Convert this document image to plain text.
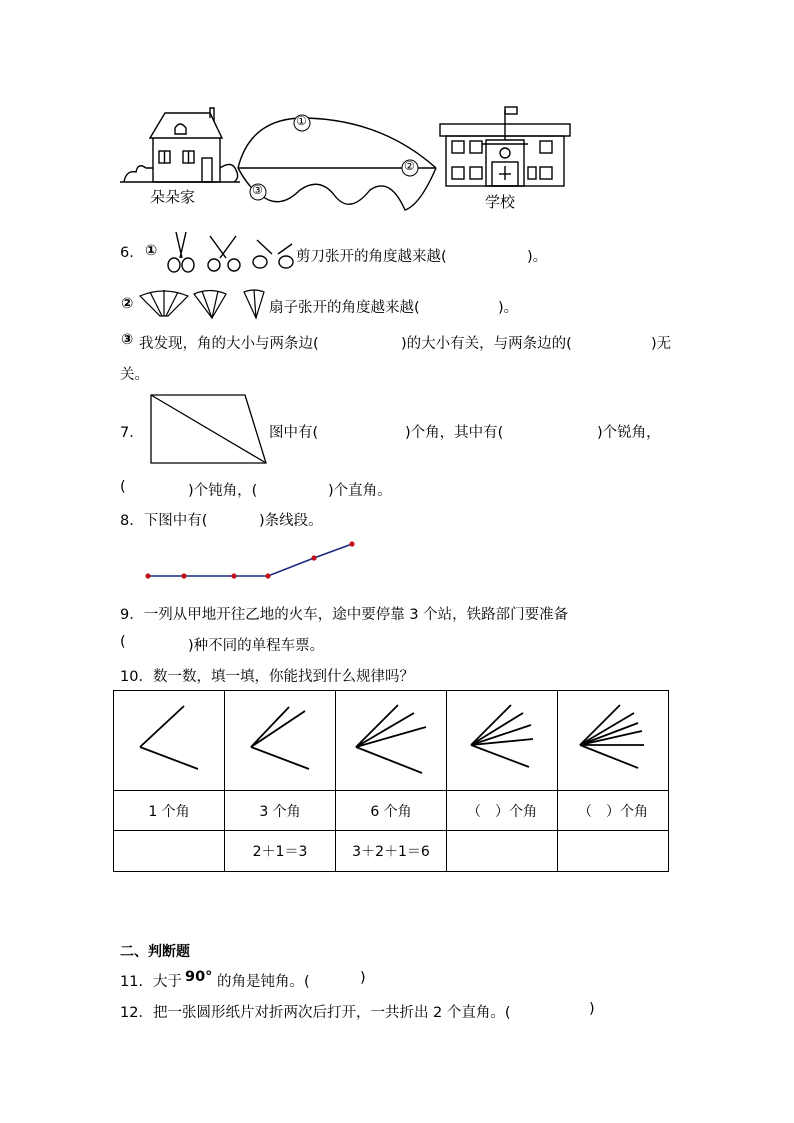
①
②
③
朵朵家	学校
6. ①	剪刀张开的角度越来越(	)。
②	扇子张开的角度越来越(	)。
③ 我发现，角的大小与两条边(	)的大小有关，与两条边的(	)无
关。
7．	图中有(	)个角，其中有(	)个锐角，
(	)个钝角，(	)个直角。
8．下图中有(	)条线段。
9．一列从甲地开往乙地的火车，途中要停靠 3 个站，铁路部门要准备
(	)种不同的单程车票。
10．数一数，填一填，你能找到什么规律吗？

1 个角	3 个角	6 个角	（　）个角	（　）个角
	2＋1＝3	3＋2＋1＝6		
二、判断题
11．大于 90° 的角是钝角。(	)
12．把一张圆形纸片对折两次后打开，一共折出 2 个直角。(	)
